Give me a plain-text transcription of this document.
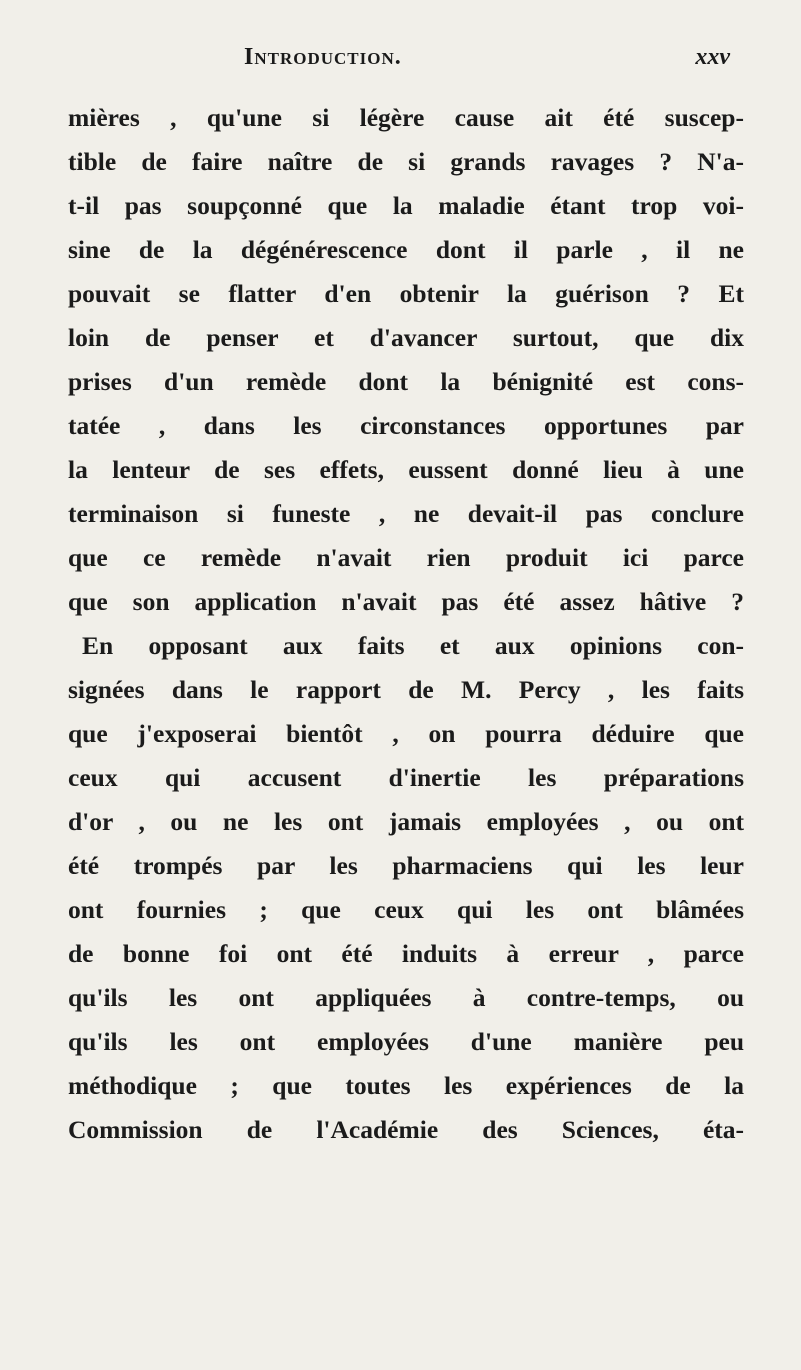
Introduction.	xxv
mières , qu'une si légère cause ait été suscep-
tible de faire naître de si grands ravages ? N'a-
t-il pas soupçonné que la maladie étant trop voi-
sine de la dégénérescence dont il parle , il ne
pouvait se flatter d'en obtenir la guérison ? Et
loin de penser et d'avancer surtout, que dix
prises d'un remède dont la bénignité est cons-
tatée , dans les circonstances opportunes par
la lenteur de ses effets, eussent donné lieu à une
terminaison si funeste , ne devait-il pas conclure
que ce remède n'avait rien produit ici parce
que son application n'avait pas été assez hâtive ?
En opposant aux faits et aux opinions con-
signées dans le rapport de M. Percy , les faits
que j'exposerai bientôt , on pourra déduire que
ceux qui accusent d'inertie les préparations
d'or , ou ne les ont jamais employées , ou ont
été trompés par les pharmaciens qui les leur
ont fournies ; que ceux qui les ont blâmées
de bonne foi ont été induits à erreur , parce
qu'ils les ont appliquées à contre-temps, ou
qu'ils les ont employées d'une manière peu
méthodique ; que toutes les expériences de la
Commission de l'Académie des Sciences, éta-
